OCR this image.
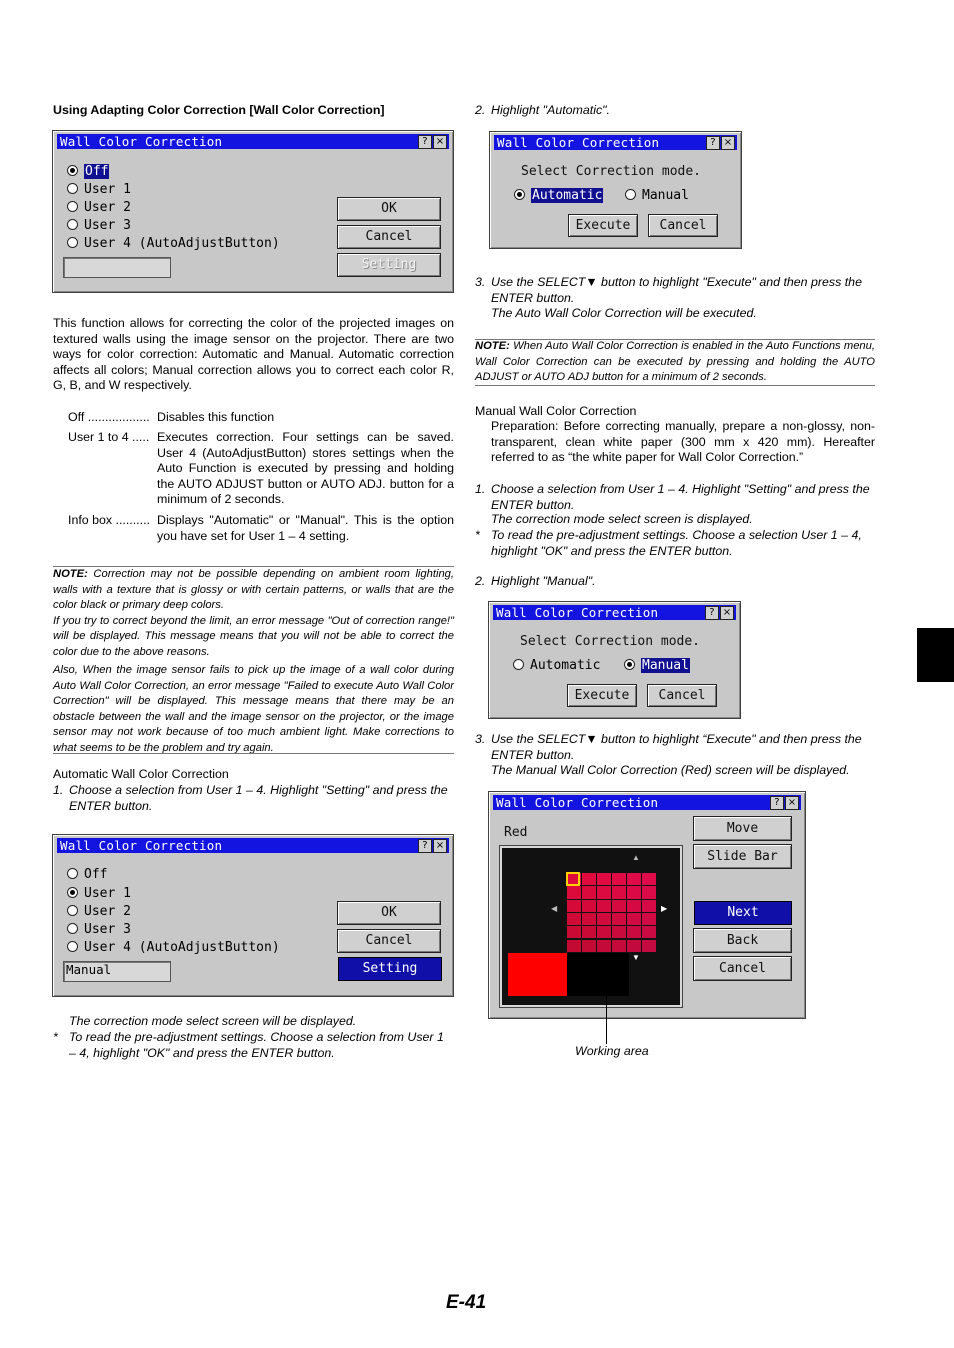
Using Adapting Color Correction [Wall Color Correction]
Wall Color Correction	? ×
Off
User 1
User 2
User 3
User 4 (AutoAdjustButton)
OK
Cancel
Setting
This function allows for correcting the color of the projected images on textured walls using the image sensor on the projector. There are two ways for color correction: Automatic and Manual. Automatic correction affects all colors; Manual correction allows you to correct each color R, G, B, and W respectively.
Off .................. Disables this function
User 1 to 4 ..... Executes correction. Four settings can be saved. User 4 (AutoAdjustButton) stores settings when the Auto Function is executed by pressing and holding the AUTO ADJUST button or AUTO ADJ. button for a minimum of 2 seconds.
Info box .......... Displays "Automatic" or "Manual". This is the option you have set for User 1 – 4 setting.
NOTE: Correction may not be possible depending on ambient room lighting, walls with a texture that is glossy or with certain patterns, or walls that are the color black or primary deep colors.
If you try to correct beyond the limit, an error message "Out of correction range!" will be displayed. This message means that you will not be able to correct the color due to the above reasons.

Also, When the image sensor fails to pick up the image of a wall color during Auto Wall Color Correction, an error message "Failed to execute Auto Wall Color Correction" will be displayed. This message means that there may be an obstacle between the wall and the image sensor on the projector, or the image sensor may not work because of too much ambient light. Make corrections to what seems to be the problem and try again.
Automatic Wall Color Correction
1. Choose a selection from User 1 – 4. Highlight "Setting" and press the ENTER button.
Wall Color Correction	? ×
Off
User 1
User 2
User 3
User 4 (AutoAdjustButton)
Manual
OK
Cancel
Setting
The correction mode select screen will be displayed.
* To read the pre-adjustment settings. Choose a selection from User 1 – 4, highlight "OK" and press the ENTER button.
2. Highlight "Automatic".
Wall Color Correction	? ×
Select Correction mode.
Automatic	Manual
Execute	Cancel
3. Use the SELECT▼ button to highlight "Execute" and then press the ENTER button.
The Auto Wall Color Correction will be executed.
NOTE: When Auto Wall Color Correction is enabled in the Auto Functions menu, Wall Color Correction can be executed by pressing and holding the AUTO ADJUST or AUTO ADJ button for a minimum of 2 seconds.
Manual Wall Color Correction
Preparation: Before correcting manually, prepare a non-glossy, non-transparent, clean white paper (300 mm x 420 mm). Hereafter referred to as “the white paper for Wall Color Correction.”
1. Choose a selection from User 1 – 4. Highlight "Setting" and press the ENTER button.
The correction mode select screen is displayed.
* To read the pre-adjustment settings. Choose a selection User 1 – 4, highlight "OK" and press the ENTER button.
2. Highlight "Manual".
Wall Color Correction	? ×
Select Correction mode.
Automatic	Manual
Execute	Cancel
3. Use the SELECT▼ button to highlight “Execute" and then press the ENTER button.
The Manual Wall Color Correction (Red) screen will be displayed.
Wall Color Correction	? ×
Red
▲
▼
◀	▶
Move
Slide Bar
Next
Back
Cancel
Working area
E-41
